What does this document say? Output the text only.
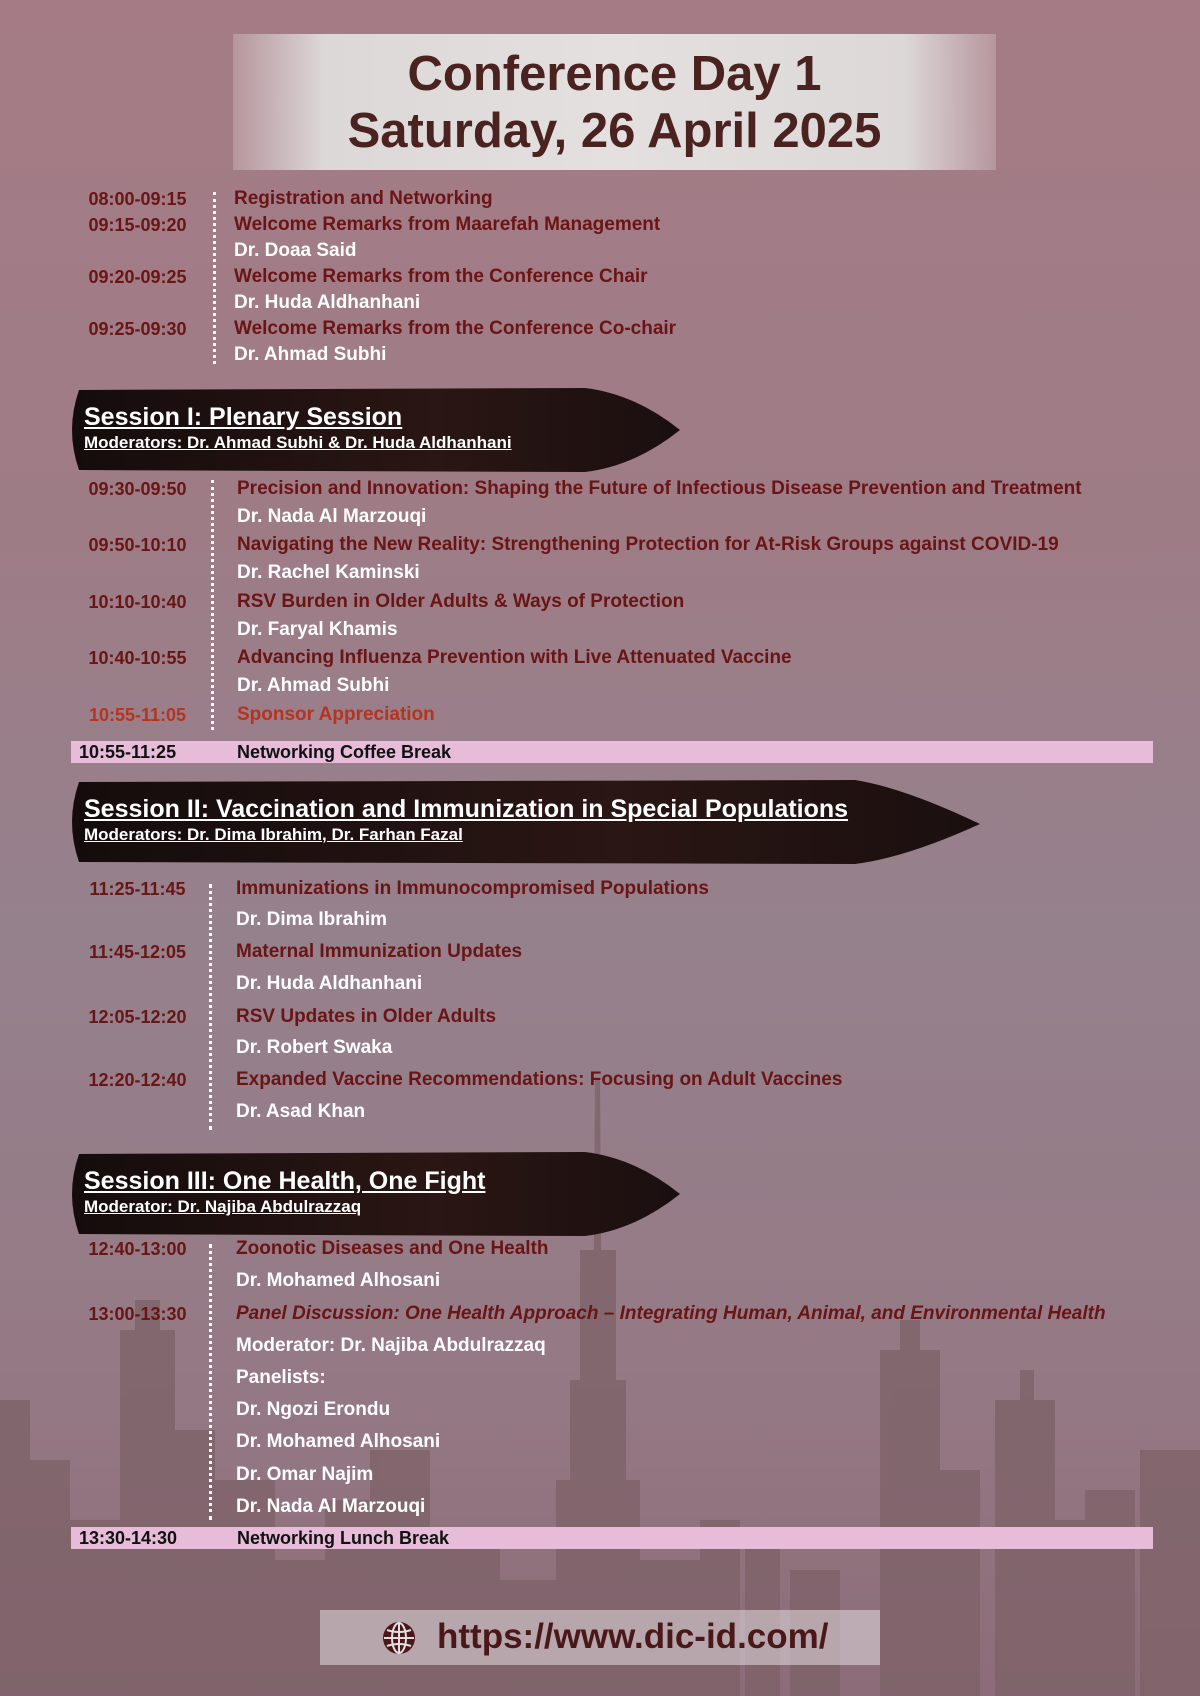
Conference Day 1
Saturday, 26 April 2025
08:00-09:15	Registration and Networking
09:15-09:20	Welcome Remarks from Maarefah Management
Dr. Doaa Said
09:20-09:25	Welcome Remarks from the Conference Chair
Dr. Huda Aldhanhani
09:25-09:30	Welcome Remarks from the Conference Co-chair
Dr. Ahmad Subhi
Session I: Plenary Session
Moderators: Dr. Ahmad Subhi & Dr. Huda Aldhanhani
09:30-09:50	Precision and Innovation: Shaping the Future of Infectious Disease Prevention and Treatment
Dr. Nada Al Marzouqi
09:50-10:10	Navigating the New Reality: Strengthening Protection for At-Risk Groups against COVID-19
Dr. Rachel Kaminski
10:10-10:40	RSV Burden in Older Adults & Ways of Protection
Dr. Faryal Khamis
10:40-10:55	Advancing Influenza Prevention with Live Attenuated Vaccine
Dr. Ahmad Subhi
10:55-11:05	Sponsor Appreciation
10:55-11:25	Networking Coffee Break
Session II: Vaccination and Immunization in Special Populations
Moderators: Dr. Dima Ibrahim, Dr. Farhan Fazal
11:25-11:45	Immunizations in Immunocompromised Populations
Dr. Dima Ibrahim
11:45-12:05	Maternal Immunization Updates
Dr. Huda Aldhanhani
12:05-12:20	RSV Updates in Older Adults
Dr. Robert Swaka
12:20-12:40	Expanded Vaccine Recommendations: Focusing on Adult Vaccines
Dr. Asad Khan
Session III: One Health, One Fight
Moderator: Dr. Najiba Abdulrazzaq
12:40-13:00	Zoonotic Diseases and One Health
Dr. Mohamed Alhosani
13:00-13:30	Panel Discussion: One Health Approach – Integrating Human, Animal, and Environmental Health
Moderator: Dr. Najiba Abdulrazzaq
Panelists:
Dr. Ngozi Erondu
Dr. Mohamed Alhosani
Dr. Omar Najim
Dr. Nada Al Marzouqi
13:30-14:30	Networking Lunch Break
https://www.dic-id.com/
